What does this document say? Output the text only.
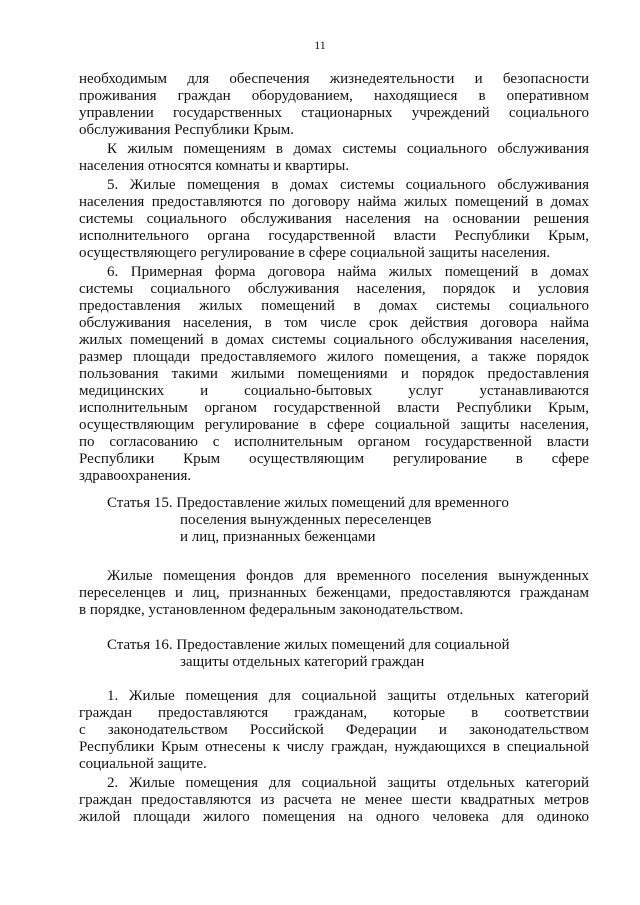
11
необходимым для обеспечения жизнедеятельности и безопасности
проживания граждан оборудованием, находящиеся в оперативном
управлении государственных стационарных учреждений социального
обслуживания Республики Крым.
К жилым помещениям в домах системы социального обслуживания
населения относятся комнаты и квартиры.
5. Жилые помещения в домах системы социального обслуживания
населения предоставляются по договору найма жилых помещений в домах
системы социального обслуживания населения на основании решения
исполнительного органа государственной власти Республики Крым,
осуществляющего регулирование в сфере социальной защиты населения.
6. Примерная форма договора найма жилых помещений в домах
системы социального обслуживания населения, порядок и условия
предоставления жилых помещений в домах системы социального
обслуживания населения, в том числе срок действия договора найма
жилых помещений в домах системы социального обслуживания населения,
размер площади предоставляемого жилого помещения, а также порядок
пользования такими жилыми помещениями и порядок предоставления
медицинских и социально-бытовых услуг устанавливаются
исполнительным органом государственной власти Республики Крым,
осуществляющим регулирование в сфере социальной защиты населения,
по согласованию с исполнительным органом государственной власти
Республики Крым осуществляющим регулирование в сфере
здравоохранения.
Статья 15. Предоставление жилых помещений для временного
поселения вынужденных переселенцев
и лиц, признанных беженцами
Жилые помещения фондов для временного поселения вынужденных
переселенцев и лиц, признанных беженцами, предоставляются гражданам
в порядке, установленном федеральным законодательством.
Статья 16. Предоставление жилых помещений для социальной
защиты отдельных категорий граждан
1. Жилые помещения для социальной защиты отдельных категорий
граждан предоставляются гражданам, которые в соответствии
с законодательством Российской Федерации и законодательством
Республики Крым отнесены к числу граждан, нуждающихся в специальной
социальной защите.
2. Жилые помещения для социальной защиты отдельных категорий
граждан предоставляются из расчета не менее шести квадратных метров
жилой площади жилого помещения на одного человека для одиноко
